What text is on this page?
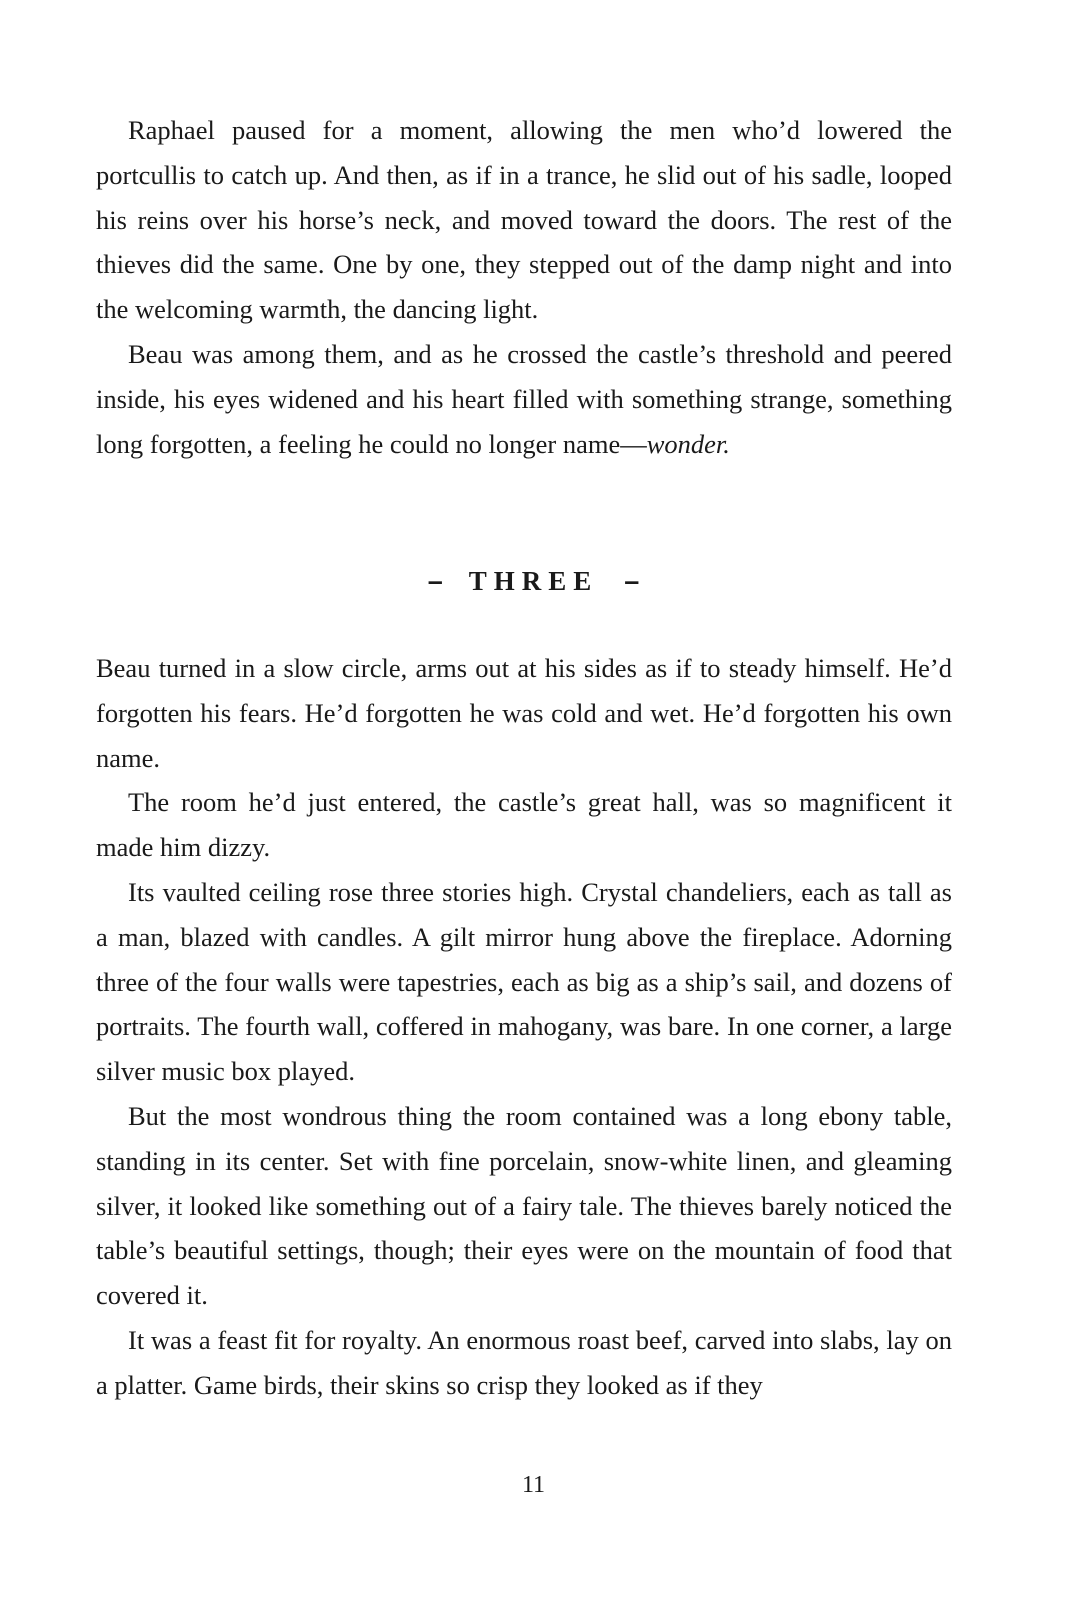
Raphael paused for a moment, allowing the men who’d lowered the portcullis to catch up. And then, as if in a trance, he slid out of his sadle, looped his reins over his horse’s neck, and moved toward the doors. The rest of the thieves did the same. One by one, they stepped out of the damp night and into the welcoming warmth, the dancing light.

Beau was among them, and as he crossed the castle’s threshold and peered inside, his eyes widened and his heart filled with something strange, something long forgotten, a feeling he could no longer name—wonder.

– THREE –

Beau turned in a slow circle, arms out at his sides as if to steady himself. He’d forgotten his fears. He’d forgotten he was cold and wet. He’d forgotten his own name.

The room he’d just entered, the castle’s great hall, was so magnificent it made him dizzy.

Its vaulted ceiling rose three stories high. Crystal chandeliers, each as tall as a man, blazed with candles. A gilt mirror hung above the fireplace. Adorning three of the four walls were tapestries, each as big as a ship’s sail, and dozens of portraits. The fourth wall, coffered in mahogany, was bare. In one corner, a large silver music box played.

But the most wondrous thing the room contained was a long ebony table, standing in its center. Set with fine porcelain, snow-white linen, and gleaming silver, it looked like something out of a fairy tale. The thieves barely noticed the table’s beautiful settings, though; their eyes were on the mountain of food that covered it.

It was a feast fit for royalty. An enormous roast beef, carved into slabs, lay on a platter. Game birds, their skins so crisp they looked as if they

11
